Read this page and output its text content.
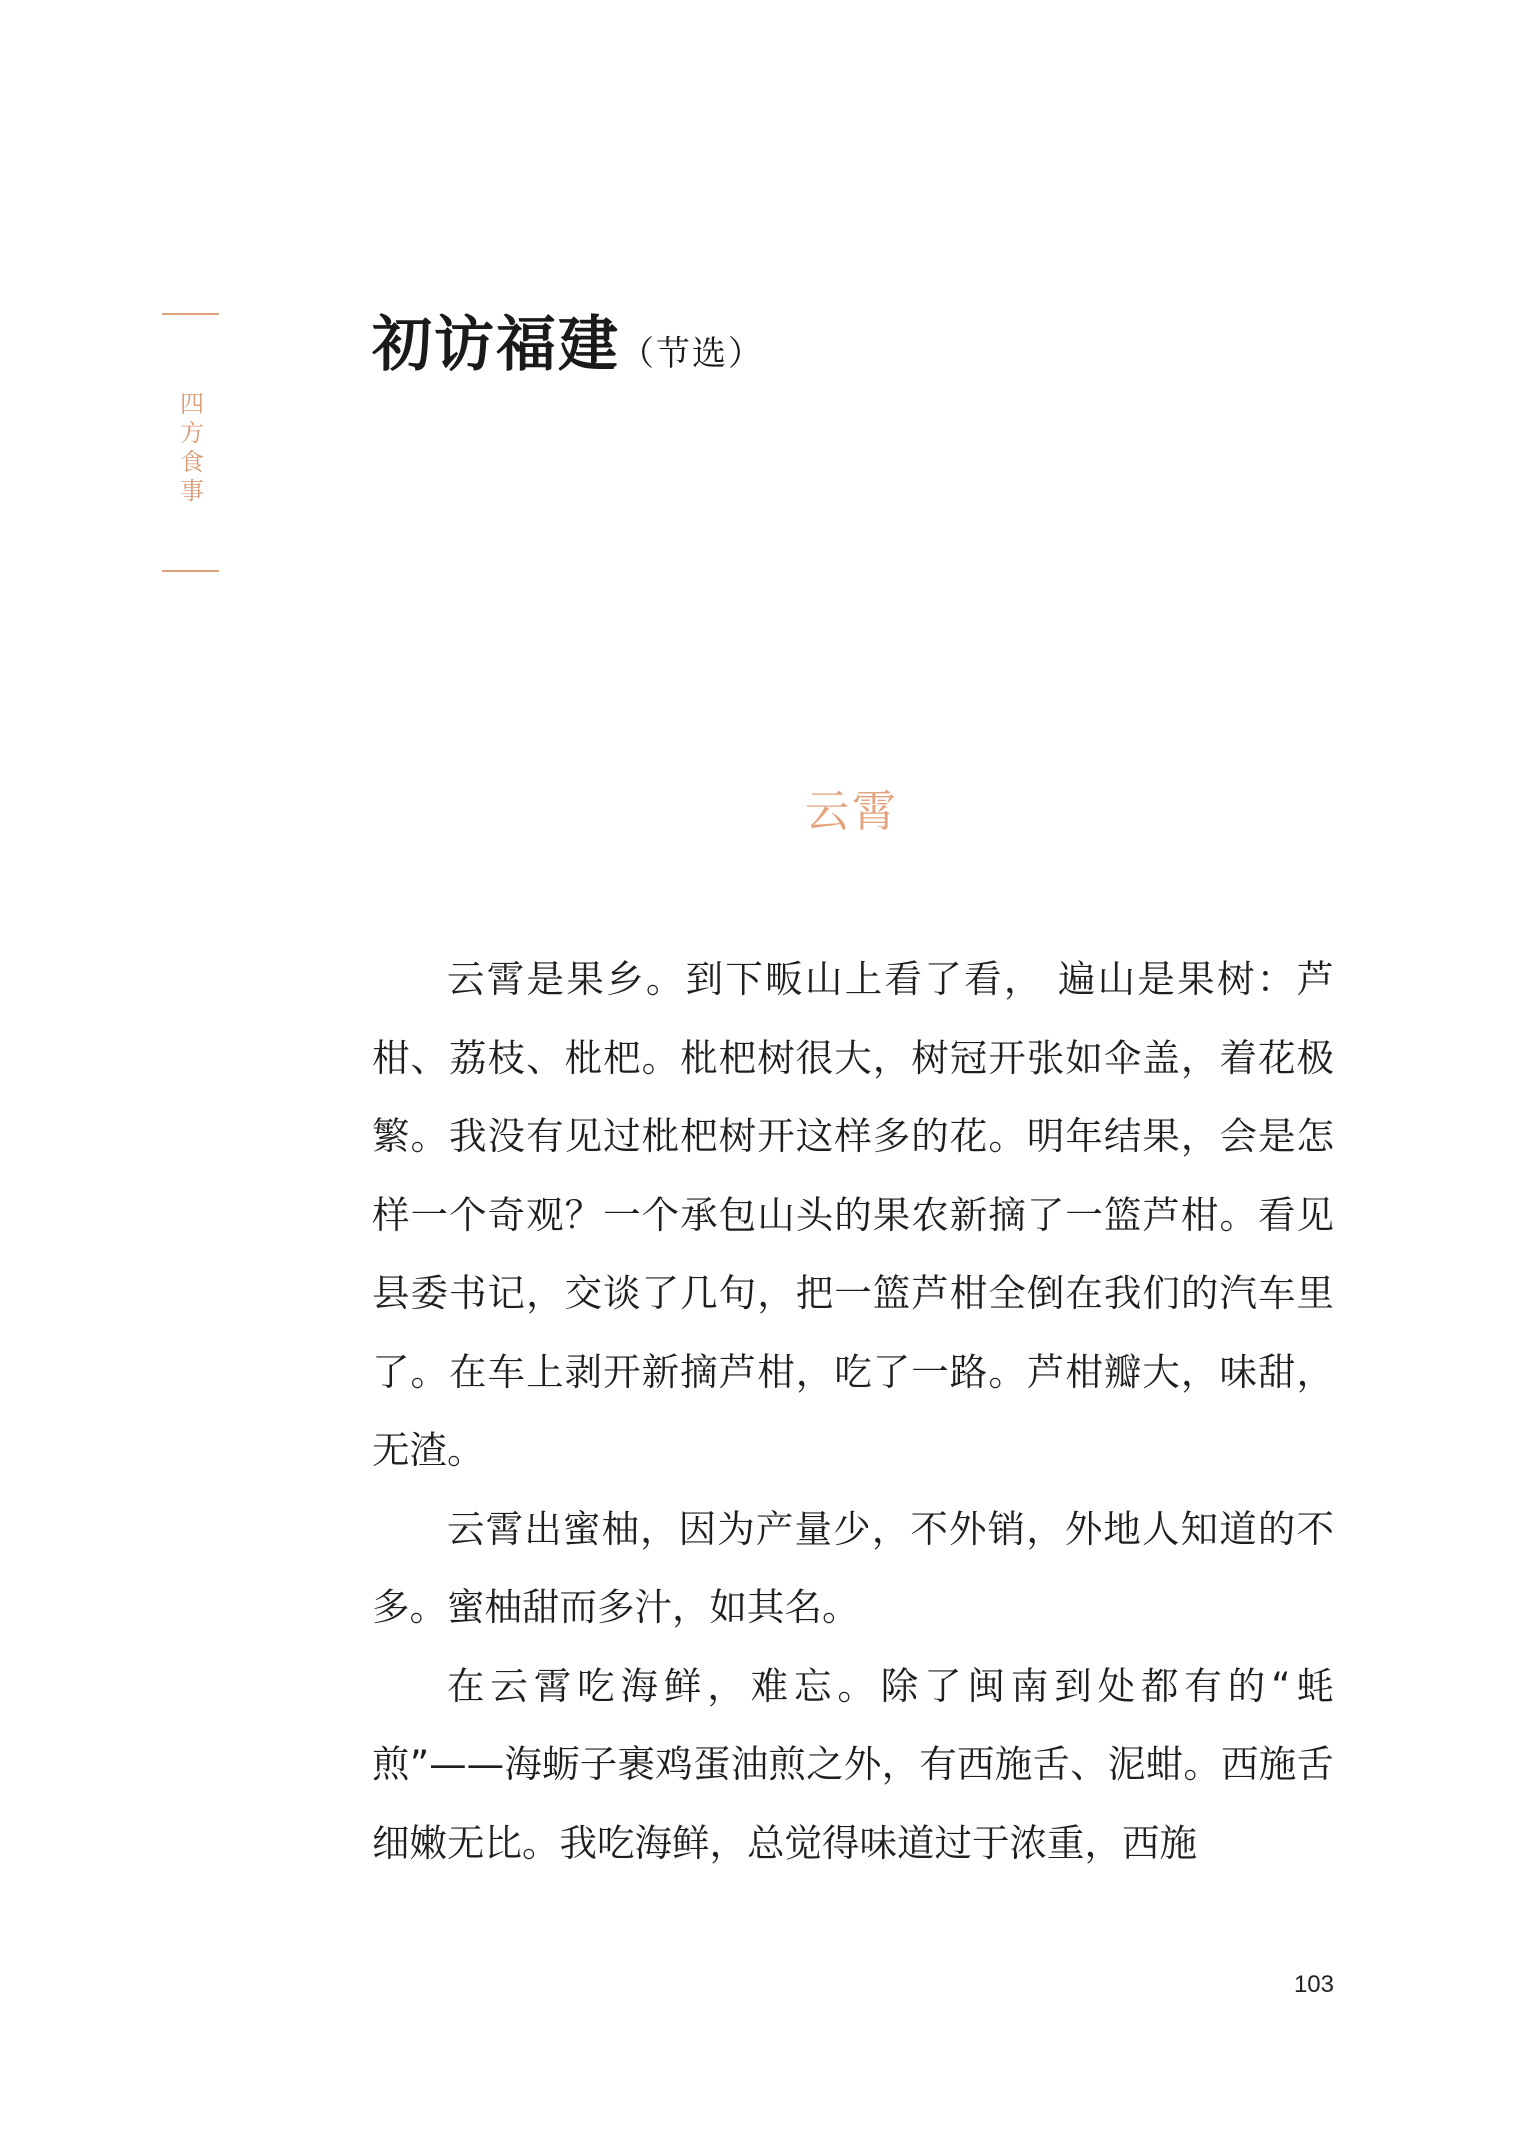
四
方
食
事
初访福建（节选）
云霄

云霄是果乡。到下畈山上看了看， 遍山是果树：芦柑、荔枝、枇杷。枇杷树很大，树冠开张如伞盖，着花极繁。我没有见过枇杷树开这样多的花。明年结果，会是怎样一个奇观？一个承包山头的果农新摘了一篮芦柑。看见县委书记，交谈了几句，把一篮芦柑全倒在我们的汽车里了。在车上剥开新摘芦柑，吃了一路。芦柑瓣大，味甜，无渣。

云霄出蜜柚，因为产量少，不外销，外地人知道的不多。蜜柚甜而多汁，如其名。

在云霄吃海鲜，难忘。除了闽南到处都有的“蚝煎”——海蛎子裹鸡蛋油煎之外，有西施舌、泥蚶。西施舌细嫩无比。我吃海鲜，总觉得味道过于浓重，西施

103
